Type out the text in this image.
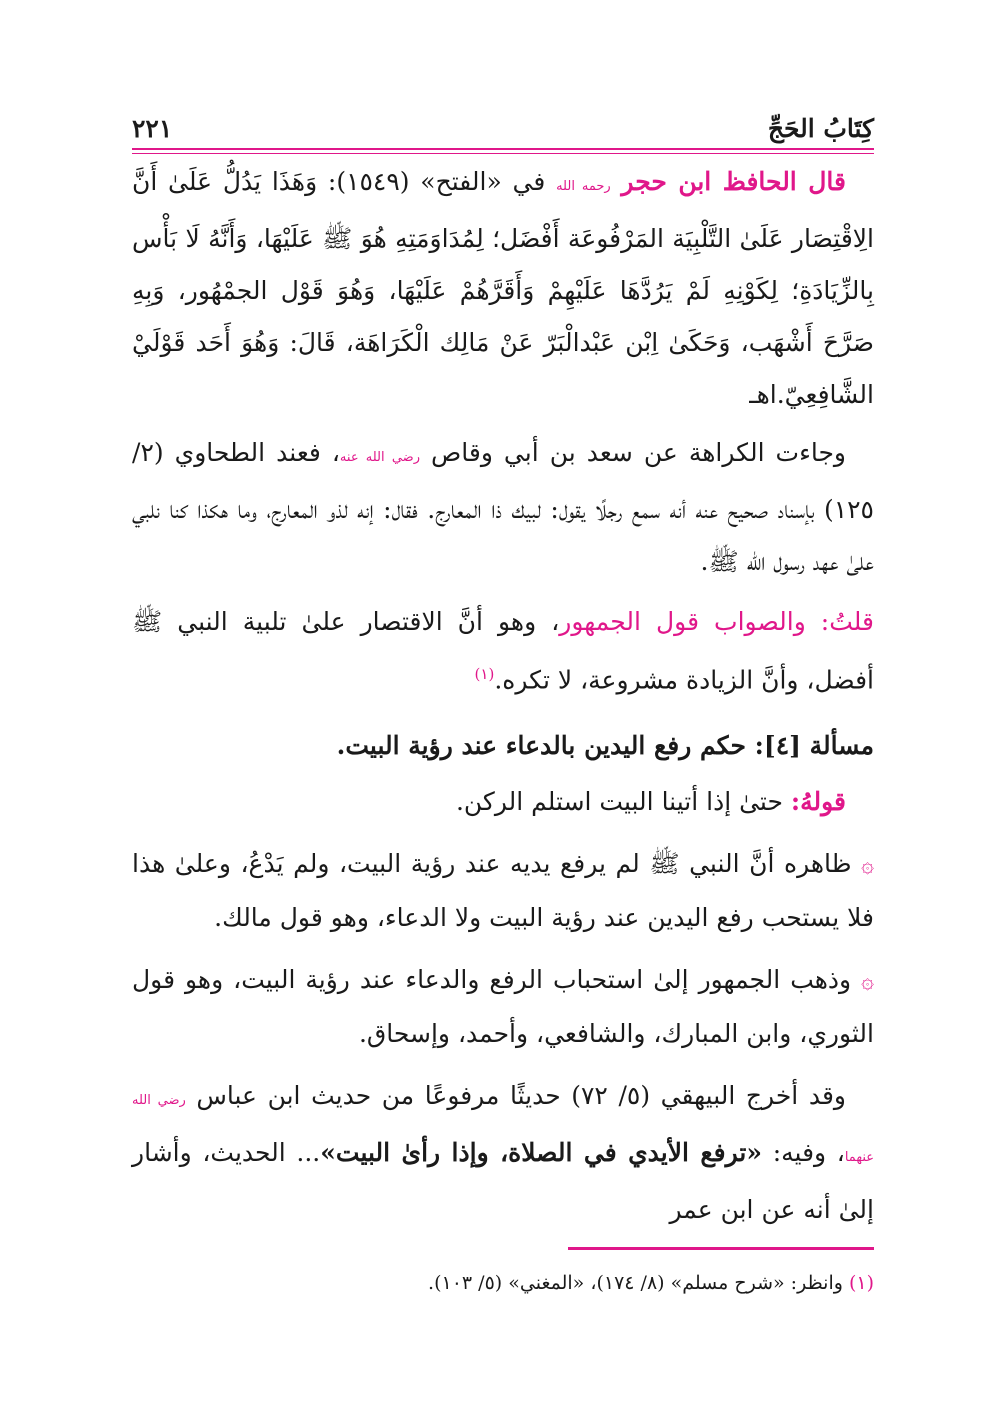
كِتَابُ الحَجِّ
٢٢١

قال الحافظ ابن حجر رحمه الله في «الفتح» (١٥٤٩): وَهَذَا يَدُلُّ عَلَىٰ أَنَّ الِاقْتِصَار عَلَىٰ التَّلْبِيَة المَرْفُوعَة أَفْضَل؛ لِمُدَاوَمَتِهِ هُوَ ﷺ عَلَيْهَا، وَأَنَّهُ لَا بَأْس بِالزِّيَادَةِ؛ لِكَوْنِهِ لَمْ يَرُدَّهَا عَلَيْهِمْ وَأَقَرَّهُمْ عَلَيْهَا، وَهُوَ قَوْل الجمْهُور، وَبِهِ صَرَّحَ أَشْهَب، وَحَكَىٰ اِبْن عَبْدالْبَرّ عَنْ مَالِك الْكَرَاهَة، قَالَ: وَهُوَ أَحَد قَوْلَيْ الشَّافِعِيّ.اهـ

وجاءت الكراهة عن سعد بن أبي وقاص رضي الله عنه، فعند الطحاوي (٢/ ١٢٥) بإسناد صحيح عنه أنه سمع رجلًا يقول: لبيك ذا المعارج. فقال: إنه لذو المعارج، وما هكذا كنا نلبي علىٰ عهد رسول الله ﷺ.

قلتُ: والصواب قول الجمهور، وهو أنَّ الاقتصار علىٰ تلبية النبي ﷺ أفضل، وأنَّ الزيادة مشروعة، لا تكره.$^{(١)}$

مسألة [٤]: حكم رفع اليدين بالدعاء عند رؤية البيت.

قولهُ: حتىٰ إذا أتينا البيت استلم الركن.

۞ ظاهره أنَّ النبي ﷺ لم يرفع يديه عند رؤية البيت، ولم يَدْعُ، وعلىٰ هذا فلا يستحب رفع اليدين عند رؤية البيت ولا الدعاء، وهو قول مالك.

۞ وذهب الجمهور إلىٰ استحباب الرفع والدعاء عند رؤية البيت، وهو قول الثوري، وابن المبارك، والشافعي، وأحمد، وإسحاق.

وقد أخرج البيهقي (٥/ ٧٢) حديثًا مرفوعًا من حديث ابن عباس رضي الله عنهما، وفيه: «ترفع الأيدي في الصلاة، وإذا رأىٰ البيت»... الحديث، وأشار إلىٰ أنه عن ابن عمر

(١) وانظر: «شرح مسلم» (٨/ ١٧٤)، «المغني» (٥/ ١٠٣).
